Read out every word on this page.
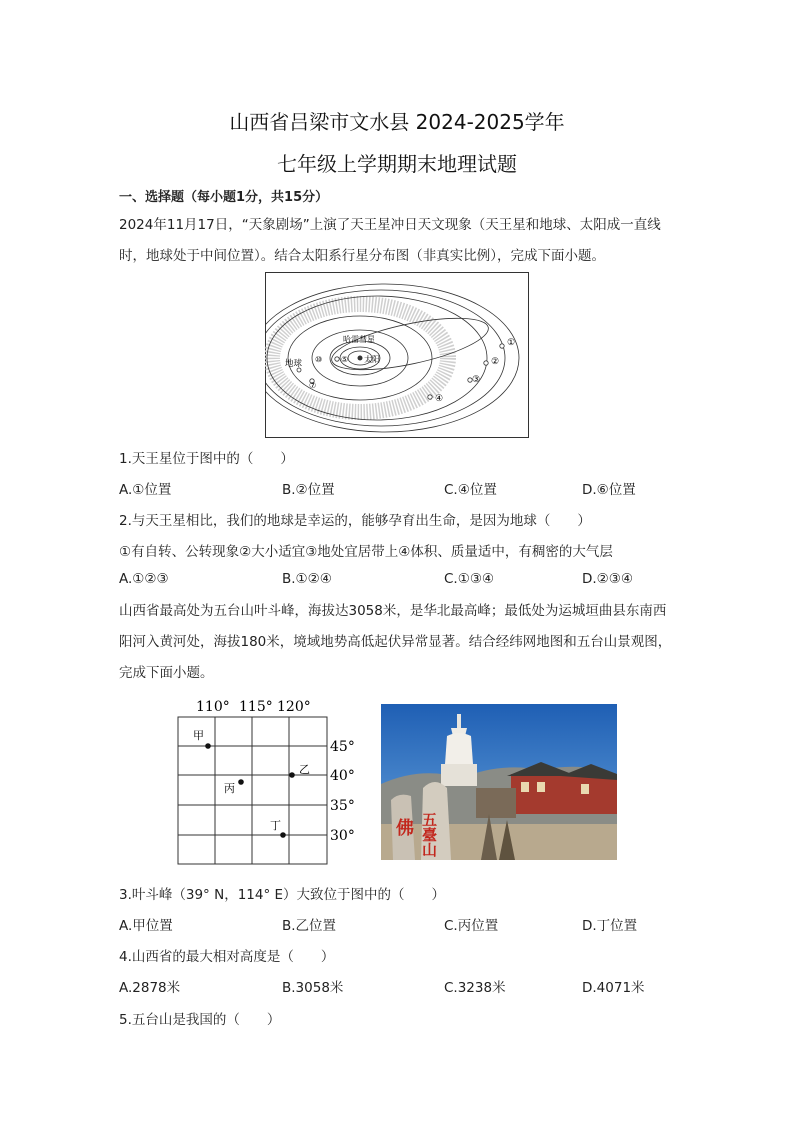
山西省吕梁市文水县 2024-2025学年
七年级上学期期末地理试题
一、选择题（每小题1分，共15分）
2024年11月17日，“天象剧场”上演了天王星冲日天文现象（天王星和地球、太阳成一直线时，地球处于中间位置）。结合太阳系行星分布图（非真实比例），完成下面小题。
太阳
哈雷彗星
地球
①
②
③
④
⑤
⑩
⑦
1.天王星位于图中的（　　）
A.①位置	B.②位置	C.④位置	D.⑥位置
2.与天王星相比，我们的地球是幸运的，能够孕育出生命，是因为地球（　　）
①有自转、公转现象②大小适宜③地处宜居带上④体积、质量适中，有稠密的大气层
A.①②③	B.①②④	C.①③④	D.②③④
山西省最高处为五台山叶斗峰，海拔达3058米，是华北最高峰；最低处为运城垣曲县东南西阳河入黄河处，海拔180米，境域地势高低起伏异常显著。结合经纬网地图和五台山景观图，完成下面小题。
110° 115° 120°
45°
40°
35°
30°
甲
乙
丙
丁	佛 五臺山
3.叶斗峰（39° N，114° E）大致位于图中的（　　）
A.甲位置	B.乙位置	C.丙位置	D.丁位置
4.山西省的最大相对高度是（　　）
A.2878米	B.3058米	C.3238米	D.4071米
5.五台山是我国的（　　）
